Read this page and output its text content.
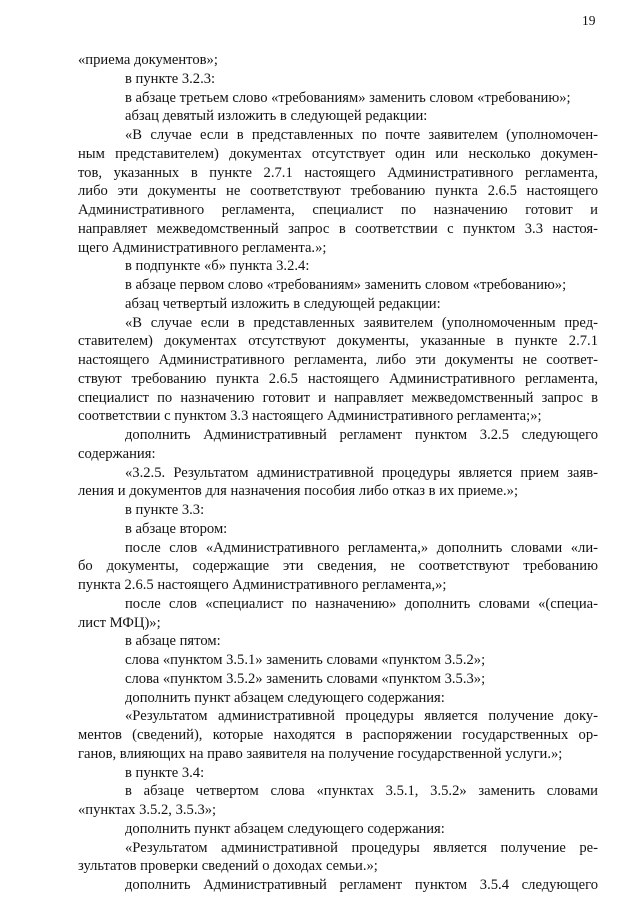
19
«приема документов»;
в пункте 3.2.3:
в абзаце третьем слово «требованиям» заменить словом «требованию»;
абзац девятый изложить в следующей редакции:
«В случае если в представленных по почте заявителем (уполномочен-
ным представителем) документах отсутствует один или несколько докумен-
тов, указанных в пункте 2.7.1 настоящего Административного регламента,
либо эти документы не соответствуют требованию пункта 2.6.5 настоящего
Административного регламента, специалист по назначению готовит и
направляет межведомственный запрос в соответствии с пунктом 3.3 настоя-
щего Административного регламента.»;
в подпункте «б» пункта 3.2.4:
в абзаце первом слово «требованиям» заменить словом «требованию»;
абзац четвертый изложить в следующей редакции:
«В случае если в представленных заявителем (уполномоченным пред-
ставителем) документах отсутствуют документы, указанные в пункте 2.7.1
настоящего Административного регламента, либо эти документы не соответ-
ствуют требованию пункта 2.6.5 настоящего Административного регламента,
специалист по назначению готовит и направляет межведомственный запрос в
соответствии с пунктом 3.3 настоящего Административного регламента;»;
дополнить Административный регламент пунктом 3.2.5 следующего
содержания:
«3.2.5. Результатом административной процедуры является прием заяв-
ления и документов для назначения пособия либо отказ в их приеме.»;
в пункте 3.3:
в абзаце втором:
после слов «Административного регламента,» дополнить словами «ли-
бо документы, содержащие эти сведения, не соответствуют требованию
пункта 2.6.5 настоящего Административного регламента,»;
после слов «специалист по назначению» дополнить словами «(специа-
лист МФЦ)»;
в абзаце пятом:
слова «пунктом 3.5.1» заменить словами «пунктом 3.5.2»;
слова «пунктом 3.5.2» заменить словами «пунктом 3.5.3»;
дополнить пункт абзацем следующего содержания:
«Результатом административной процедуры является получение доку-
ментов (сведений), которые находятся в распоряжении государственных ор-
ганов, влияющих на право заявителя на получение государственной услуги.»;
в пункте 3.4:
в абзаце четвертом слова «пунктах 3.5.1, 3.5.2» заменить словами
«пунктах 3.5.2, 3.5.3»;
дополнить пункт абзацем следующего содержания:
«Результатом административной процедуры является получение ре-
зультатов проверки сведений о доходах семьи.»;
дополнить Административный регламент пунктом 3.5.4 следующего
